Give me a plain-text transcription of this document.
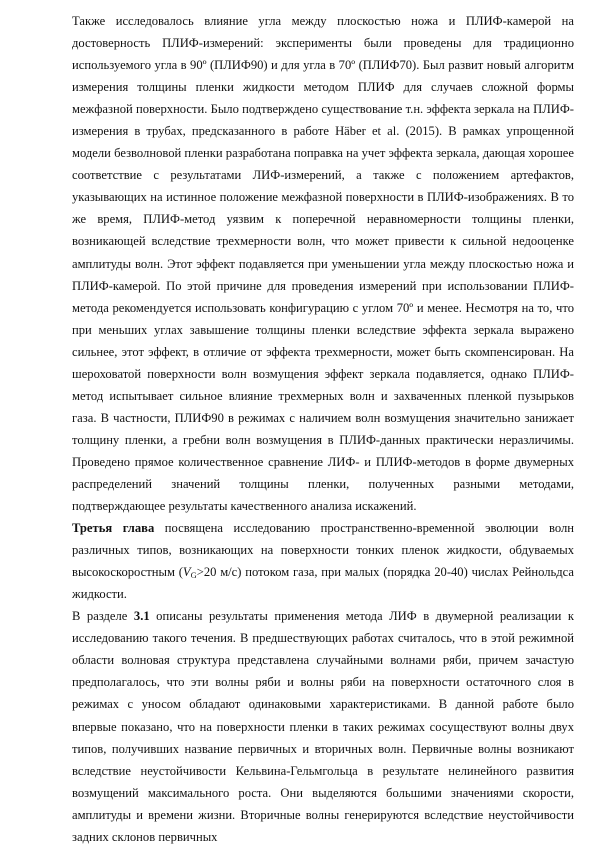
Также исследовалось влияние угла между плоскостью ножа и ПЛИФ-камерой на достоверность ПЛИФ-измерений: эксперименты были проведены для традиционно используемого угла в 90º (ПЛИФ90) и для угла в 70º (ПЛИФ70). Был развит новый алгоритм измерения толщины пленки жидкости методом ПЛИФ для случаев сложной формы межфазной поверхности. Было подтверждено существование т.н. эффекта зеркала на ПЛИФ-измерения в трубах, предсказанного в работе Häber et al. (2015). В рамках упрощенной модели безволновой пленки разработана поправка на учет эффекта зеркала, дающая хорошее соответствие с результатами ЛИФ-измерений, а также с положением артефактов, указывающих на истинное положение межфазной поверхности в ПЛИФ-изображениях. В то же время, ПЛИФ-метод уязвим к поперечной неравномерности толщины пленки, возникающей вследствие трехмерности волн, что может привести к сильной недооценке амплитуды волн. Этот эффект подавляется при уменьшении угла между плоскостью ножа и ПЛИФ-камерой. По этой причине для проведения измерений при использовании ПЛИФ-метода рекомендуется использовать конфигурацию с углом 70º и менее. Несмотря на то, что при меньших углах завышение толщины пленки вследствие эффекта зеркала выражено сильнее, этот эффект, в отличие от эффекта трехмерности, может быть скомпенсирован. На шероховатой поверхности волн возмущения эффект зеркала подавляется, однако ПЛИФ-метод испытывает сильное влияние трехмерных волн и захваченных пленкой пузырьков газа. В частности, ПЛИФ90 в режимах с наличием волн возмущения значительно занижает толщину пленки, а гребни волн возмущения в ПЛИФ-данных практически неразличимы. Проведено прямое количественное сравнение ЛИФ- и ПЛИФ-методов в форме двумерных распределений значений толщины пленки, полученных разными методами, подтверждающее результаты качественного анализа искажений.

Третья глава посвящена исследованию пространственно-временной эволюции волн различных типов, возникающих на поверхности тонких пленок жидкости, обдуваемых высокоскоростным ($V_G>20$ м/с) потоком газа, при малых (порядка 20-40) числах Рейнольдса жидкости.

В разделе 3.1 описаны результаты применения метода ЛИФ в двумерной реализации к исследованию такого течения. В предшествующих работах считалось, что в этой режимной области волновая структура представлена случайными волнами ряби, причем зачастую предполагалось, что эти волны ряби и волны ряби на поверхности остаточного слоя в режимах с уносом обладают одинаковыми характеристиками. В данной работе было впервые показано, что на поверхности пленки в таких режимах сосуществуют волны двух типов, получивших название первичных и вторичных волн. Первичные волны возникают вследствие неустойчивости Кельвина-Гельмгольца в результате нелинейного развития возмущений максимального роста. Они выделяются большими значениями скорости, амплитуды и времени жизни. Вторичные волны генерируются вследствие неустойчивости задних склонов первичных
